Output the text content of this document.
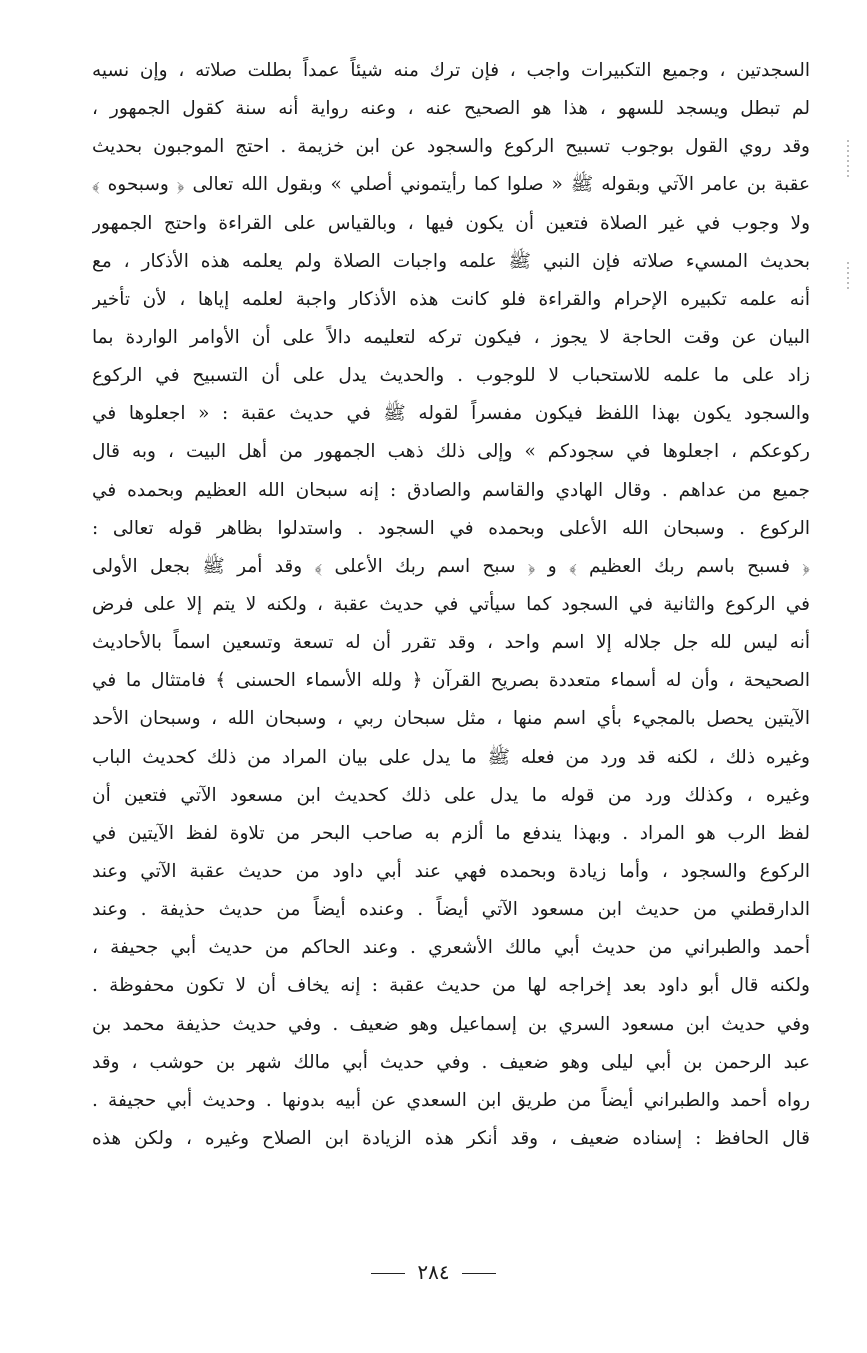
السجدتين ، وجميع التكبيرات واجب ، فإن ترك منه شيئاً عمداً بطلت صلاته ، وإن نسيه
لم تبطل ويسجد للسهو ، هذا هو الصحيح عنه ، وعنه رواية أنه سنة كقول الجمهور ،
وقد روي القول بوجوب تسبيح الركوع والسجود عن ابن خزيمة . احتج الموجبون بحديث
عقبة بن عامر الآتي وبقوله ﷺ « صلوا كما رأيتموني أصلي » وبقول الله تعالى ﴿ وسبحوه ﴾
ولا وجوب في غير الصلاة فتعين أن يكون فيها ، وبالقياس على القراءة واحتج الجمهور
بحديث المسيء صلاته فإن النبي ﷺ علمه واجبات الصلاة ولم يعلمه هذه الأذكار ، مع
أنه علمه تكبيره الإحرام والقراءة فلو كانت هذه الأذكار واجبة لعلمه إياها ، لأن تأخير
البيان عن وقت الحاجة لا يجوز ، فيكون تركه لتعليمه دالاً على أن الأوامر الواردة بما
زاد على ما علمه للاستحباب لا للوجوب . والحديث يدل على أن التسبيح في الركوع
والسجود يكون بهذا اللفظ فيكون مفسراً لقوله ﷺ في حديث عقبة : « اجعلوها في
ركوعكم ، اجعلوها في سجودكم » وإلى ذلك ذهب الجمهور من أهل البيت ، وبه قال
جميع من عداهم . وقال الهادي والقاسم والصادق : إنه سبحان الله العظيم وبحمده في
الركوع . وسبحان الله الأعلى وبحمده في السجود . واستدلوا بظاهر قوله تعالى :
﴿ فسبح باسم ربك العظيم ﴾ و ﴿ سبح اسم ربك الأعلى ﴾ وقد أمر ﷺ بجعل الأولى
في الركوع والثانية في السجود كما سيأتي في حديث عقبة ، ولكنه لا يتم إلا على فرض
أنه ليس لله جل جلاله إلا اسم واحد ، وقد تقرر أن له تسعة وتسعين اسماً بالأحاديث
الصحيحة ، وأن له أسماء متعددة بصريح القرآن ﴿ ولله الأسماء الحسنى ﴾ فامتثال ما في
الآيتين يحصل بالمجيء بأي اسم منها ، مثل سبحان ربي ، وسبحان الله ، وسبحان الأحد
وغيره ذلك ، لكنه قد ورد من فعله ﷺ ما يدل على بيان المراد من ذلك كحديث الباب
وغيره ، وكذلك ورد من قوله ما يدل على ذلك كحديث ابن مسعود الآتي فتعين أن
لفظ الرب هو المراد . وبهذا يندفع ما ألزم به صاحب البحر من تلاوة لفظ الآيتين في
الركوع والسجود ، وأما زيادة وبحمده فهي عند أبي داود من حديث عقبة الآتي وعند
الدارقطني من حديث ابن مسعود الآتي أيضاً . وعنده أيضاً من حديث حذيفة . وعند
أحمد والطبراني من حديث أبي مالك الأشعري . وعند الحاكم من حديث أبي جحيفة ،
ولكنه قال أبو داود بعد إخراجه لها من حديث عقبة : إنه يخاف أن لا تكون محفوظة .
وفي حديث ابن مسعود السري بن إسماعيل وهو ضعيف . وفي حديث حذيفة محمد بن
عبد الرحمن بن أبي ليلى وهو ضعيف . وفي حديث أبي مالك شهر بن حوشب ، وقد
رواه أحمد والطبراني أيضاً من طريق ابن السعدي عن أبيه بدونها . وحديث أبي حجيفة .
قال الحافظ : إسناده ضعيف ، وقد أنكر هذه الزيادة ابن الصلاح وغيره ، ولكن هذه
٢٨٤
